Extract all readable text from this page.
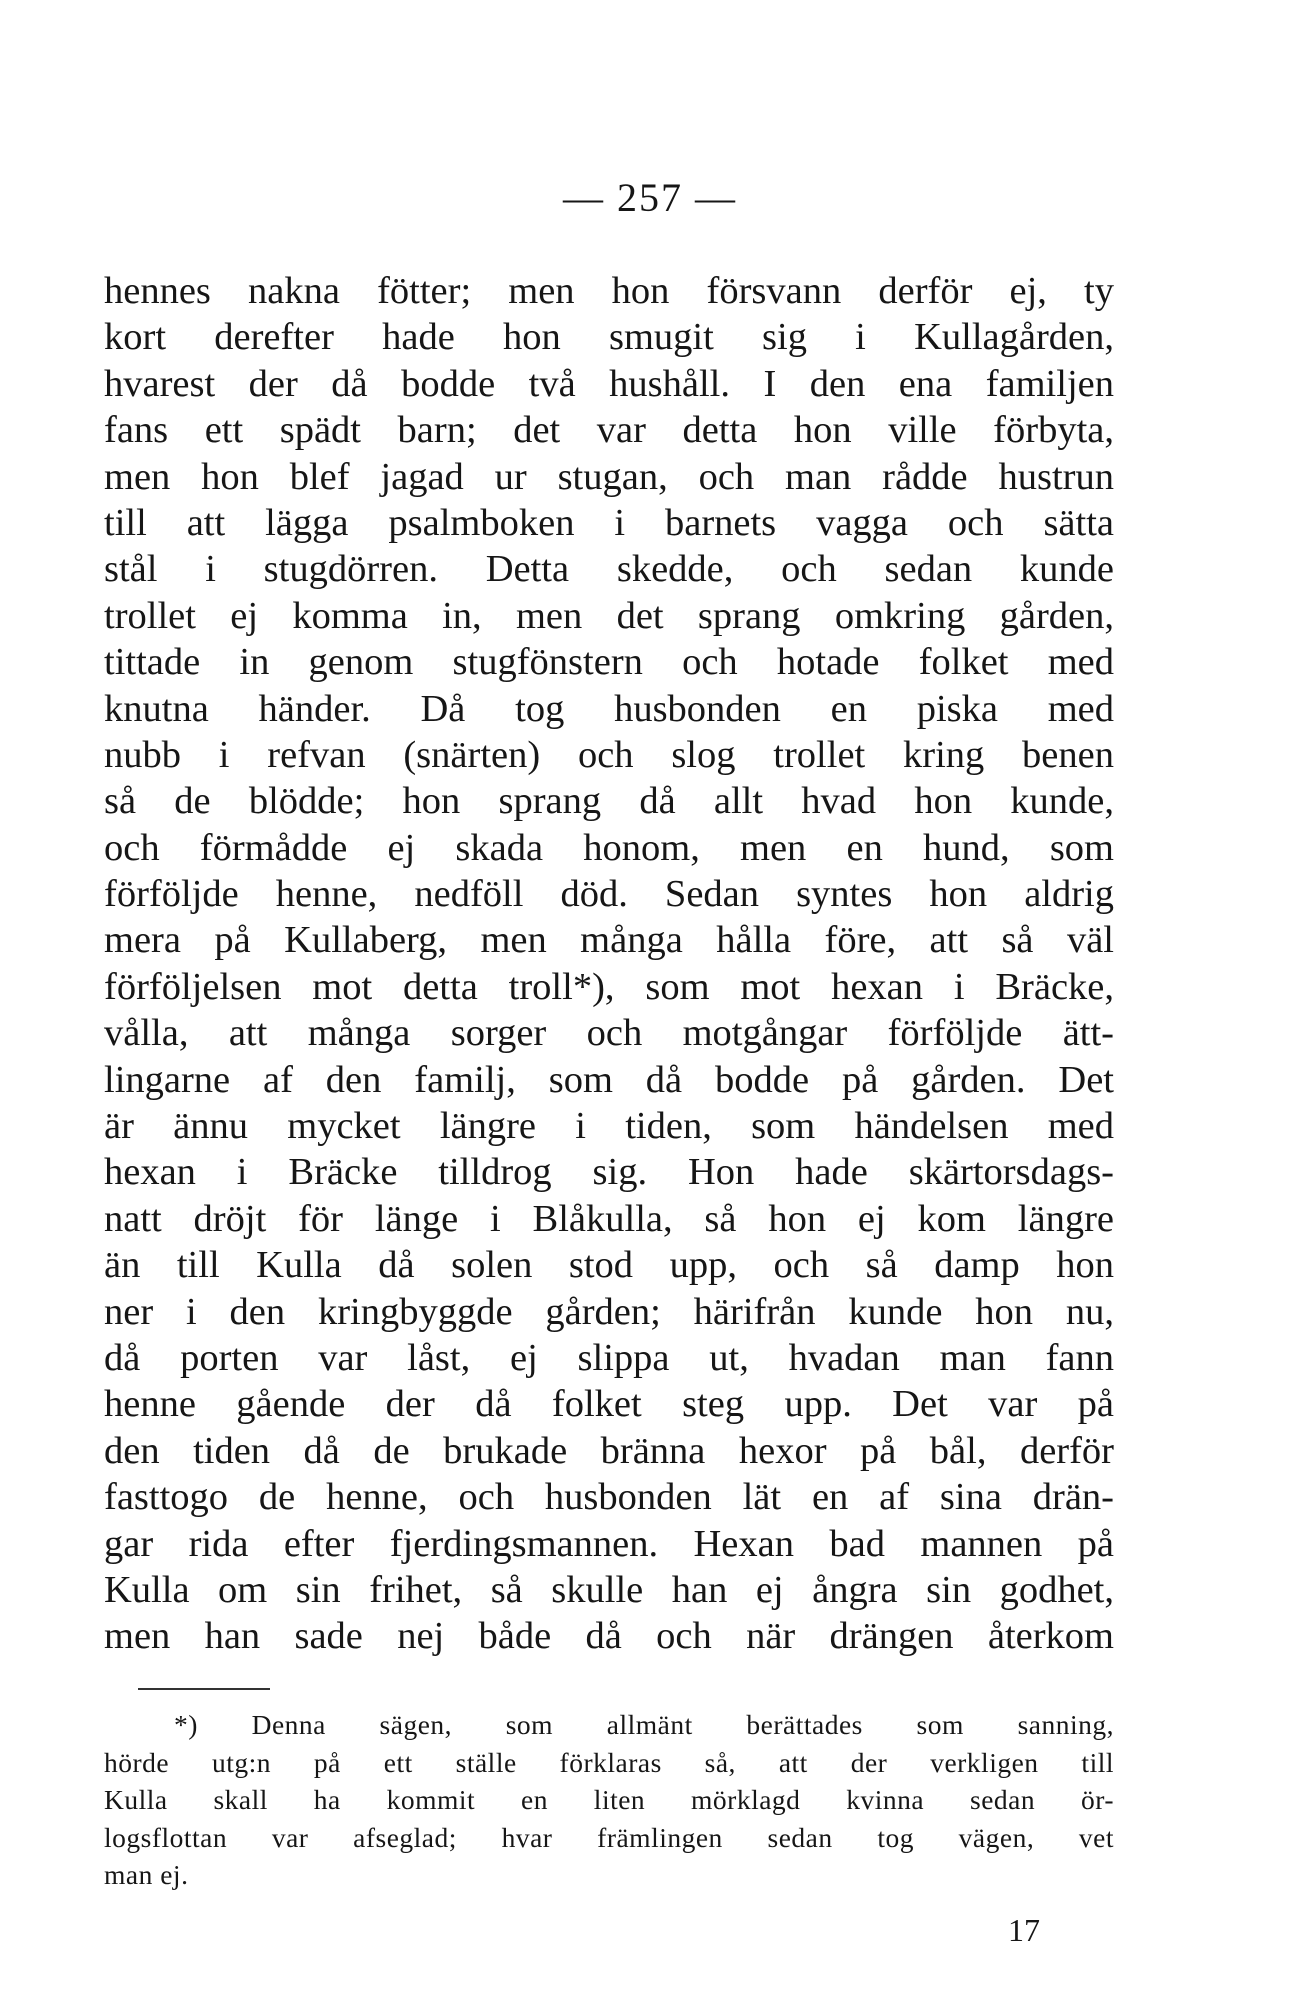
— 257 —
hennes nakna fötter; men hon försvann derför ej, ty
kort derefter hade hon smugit sig i Kullagården,
hvarest der då bodde två hushåll. I den ena familjen
fans ett spädt barn; det var detta hon ville förbyta,
men hon blef jagad ur stugan, och man rådde hustrun
till att lägga psalmboken i barnets vagga och sätta
stål i stugdörren. Detta skedde, och sedan kunde
trollet ej komma in, men det sprang omkring gården,
tittade in genom stugfönstern och hotade folket med
knutna händer. Då tog husbonden en piska med
nubb i refvan (snärten) och slog trollet kring benen
så de blödde; hon sprang då allt hvad hon kunde,
och förmådde ej skada honom, men en hund, som
förföljde henne, nedföll död. Sedan syntes hon aldrig
mera på Kullaberg, men många hålla före, att så väl
förföljelsen mot detta troll*), som mot hexan i Bräcke,
vålla, att många sorger och motgångar förföljde ätt-
lingarne af den familj, som då bodde på gården. Det
är ännu mycket längre i tiden, som händelsen med
hexan i Bräcke tilldrog sig. Hon hade skärtorsdags-
natt dröjt för länge i Blåkulla, så hon ej kom längre
än till Kulla då solen stod upp, och så damp hon
ner i den kringbyggde gården; härifrån kunde hon nu,
då porten var låst, ej slippa ut, hvadan man fann
henne gående der då folket steg upp. Det var på
den tiden då de brukade bränna hexor på bål, derför
fasttogo de henne, och husbonden lät en af sina drän-
gar rida efter fjerdingsmannen. Hexan bad mannen på
Kulla om sin frihet, så skulle han ej ångra sin godhet,
men han sade nej både då och när drängen återkom
*) Denna sägen, som allmänt berättades som sanning,
hörde utg:n på ett ställe förklaras så, att der verkligen till
Kulla skall ha kommit en liten mörklagd kvinna sedan ör-
logsflottan var afseglad; hvar främlingen sedan tog vägen, vet
man ej.
17
